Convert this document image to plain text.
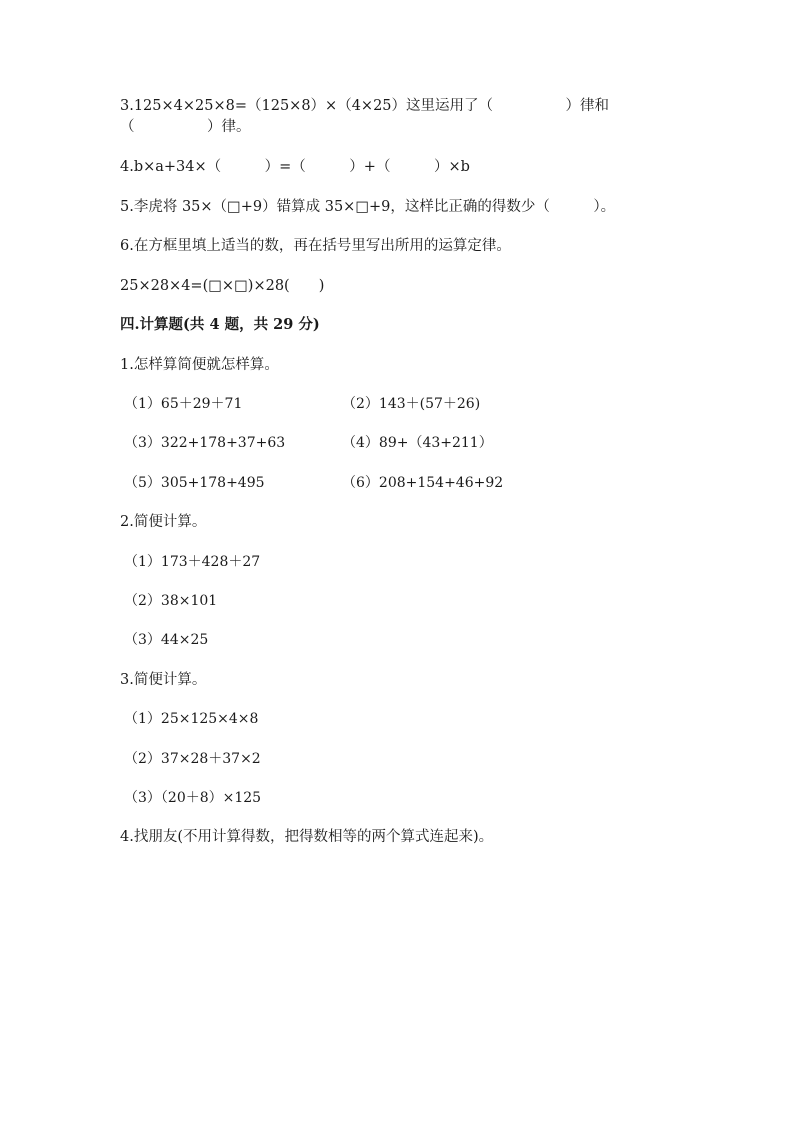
3.125×4×25×8=（125×8）×（4×25）这里运用了（　　　　　）律和
（　　　　　）律。
4.b×a+34×（　　　）=（　　　）+（　　　）×b
5.李虎将 35×（□+9）错算成 35×□+9，这样比正确的得数少（　　　）。
6.在方框里填上适当的数，再在括号里写出所用的运算定律。
25×28×4=(□×□)×28(　　)
四.计算题(共 4 题，共 29 分)
1.怎样算简便就怎样算。
（1）65＋29＋71	（2）143＋(57＋26)
（3）322+178+37+63	（4）89+（43+211）
（5）305+178+495	（6）208+154+46+92
2.简便计算。
（1）173＋428＋27
（2）38×101
（3）44×25
3.简便计算。
（1）25×125×4×8
（2）37×28＋37×2
（3）（20＋8）×125
4.找朋友(不用计算得数，把得数相等的两个算式连起来)。
